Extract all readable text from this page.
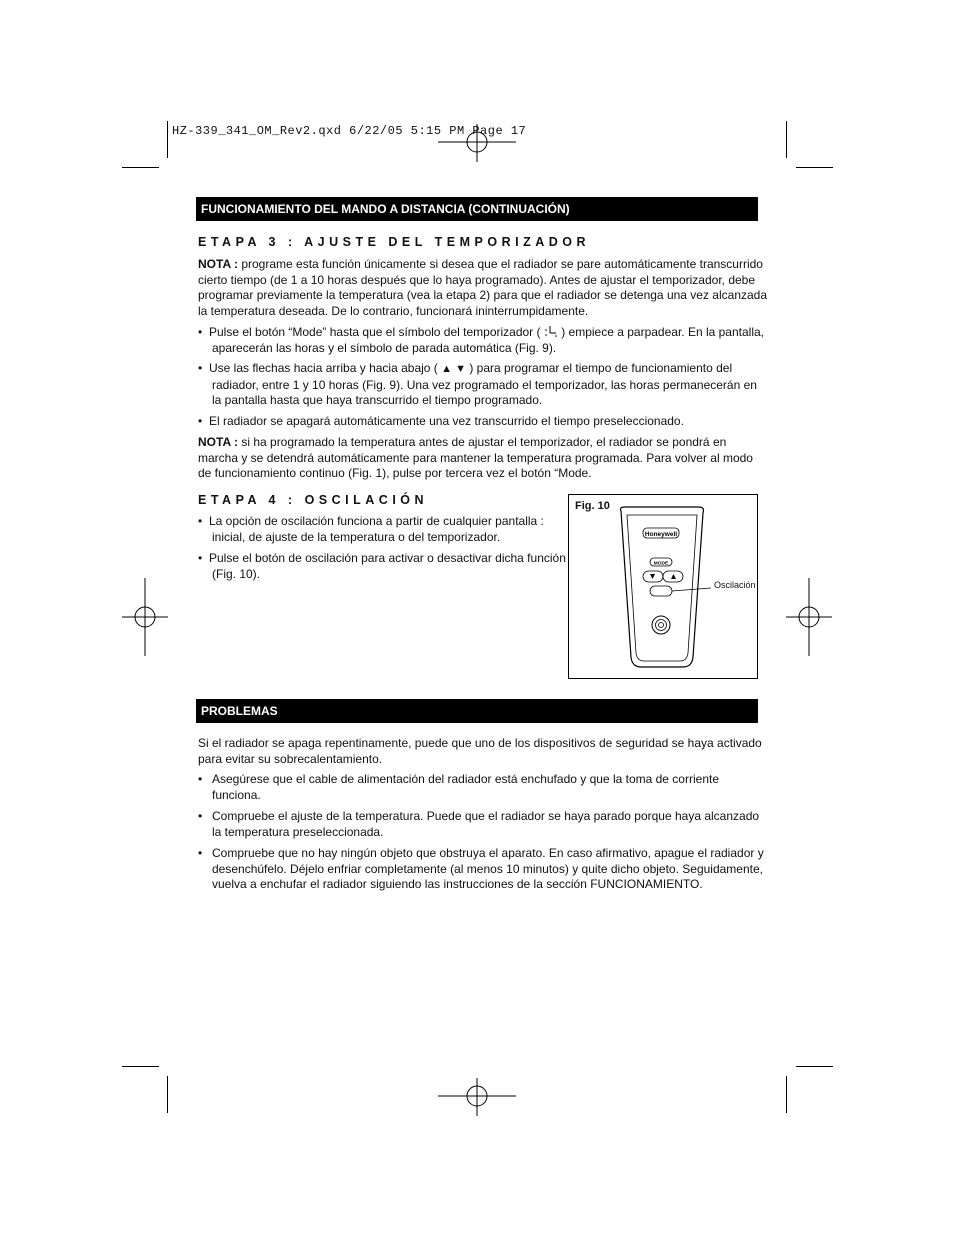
HZ-339_341_OM_Rev2.qxd 6/22/05 5:15 PM Page 17
FUNCIONAMIENTO DEL MANDO A DISTANCIA (CONTINUACIÓN)
ETAPA 3 : AJUSTE DEL TEMPORIZADOR

NOTA : programe esta función únicamente si desea que el radiador se pare automáticamente transcurrido

cierto tiempo (de 1 a 10 horas después que lo haya programado). Antes de ajustar el temporizador, debe

programar previamente la temperatura (vea la etapa 2) para que el radiador se detenga una vez alcanzada

la temperatura deseada. De lo contrario, funcionará ininterrumpidamente.

• Pulse el botón “Mode” hasta que el símbolo del temporizador ( ) empiece a parpadear. En la pantalla,
aparecerán las horas y el símbolo de parada automática (Fig. 9).
• Use las flechas hacia arriba y hacia abajo ( ▲ ▼ ) para programar el tiempo de funcionamiento del
radiador, entre 1 y 10 horas (Fig. 9). Una vez programado el temporizador, las horas permanecerán en
la pantalla hasta que haya transcurrido el tiempo programado.
• El radiador se apagará automáticamente una vez transcurrido el tiempo preseleccionado.

NOTA : si ha programado la temperatura antes de ajustar el temporizador, el radiador se pondrá en

marcha y se detendrá automáticamente para mantener la temperatura programada. Para volver al modo

de funcionamiento continuo (Fig. 1), pulse por tercera vez el botón “Mode.

ETAPA 4 : OSCILACIÓN
• La opción de oscilación funciona a partir de cualquier pantalla :
inicial, de ajuste de la temperatura o del temporizador.
• Pulse el botón de oscilación para activar o desactivar dicha función
(Fig. 10).
Fig. 10
Honeywell
MODE
Oscilación
PROBLEMAS

Si el radiador se apaga repentinamente, puede que uno de los dispositivos de seguridad se haya activado

para evitar su sobrecalentamiento.

• Asegúrese que el cable de alimentación del radiador está enchufado y que la toma de corriente
funciona.
• Compruebe el ajuste de la temperatura. Puede que el radiador se haya parado porque haya alcanzado
la temperatura preseleccionada.
• Compruebe que no hay ningún objeto que obstruya el aparato. En caso afirmativo, apague el radiador y
desenchúfelo. Déjelo enfriar completamente (al menos 10 minutos) y quite dicho objeto. Seguidamente,
vuelva a enchufar el radiador siguiendo las instrucciones de la sección FUNCIONAMIENTO.
